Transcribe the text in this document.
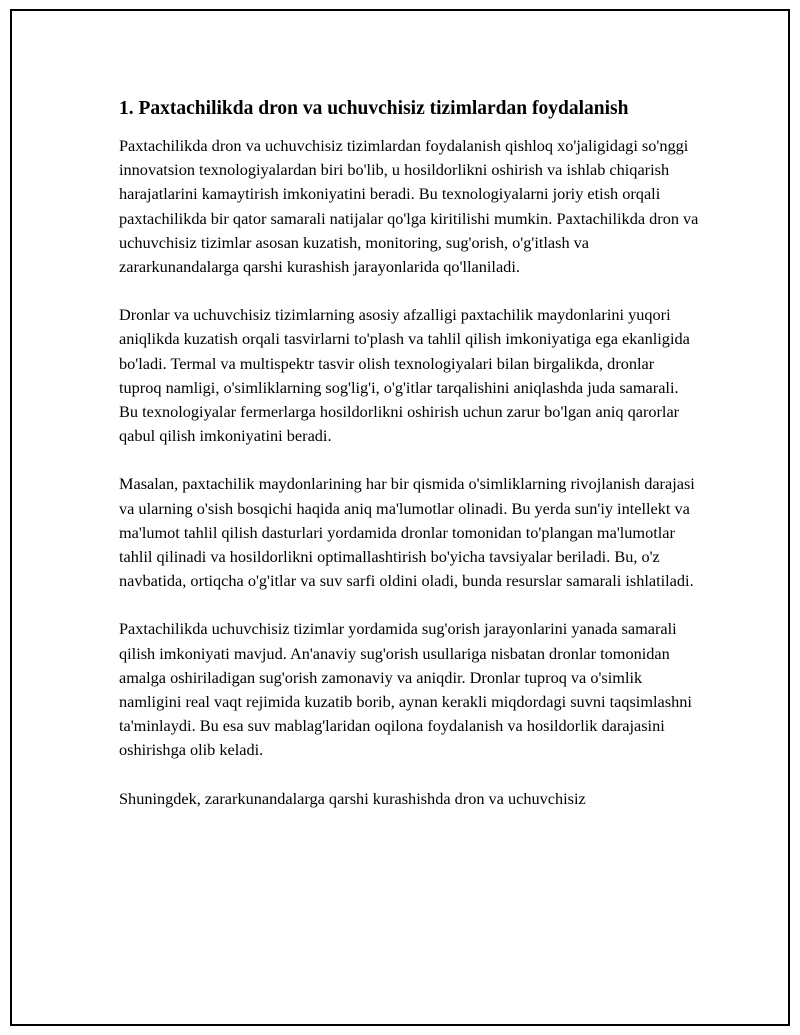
1. Paxtachilikda dron va uchuvchisiz tizimlardan foydalanish

Paxtachilikda dron va uchuvchisiz tizimlardan foydalanish qishloq xo'jaligidagi so'nggi innovatsion texnologiyalardan biri bo'lib, u hosildorlikni oshirish va ishlab chiqarish harajatlarini kamaytirish imkoniyatini beradi. Bu texnologiyalarni joriy etish orqali paxtachilikda bir qator samarali natijalar qo'lga kiritilishi mumkin. Paxtachilikda dron va uchuvchisiz tizimlar asosan kuzatish, monitoring, sug'orish, o'g'itlash va zararkunandalarga qarshi kurashish jarayonlarida qo'llaniladi.

Dronlar va uchuvchisiz tizimlarning asosiy afzalligi paxtachilik maydonlarini yuqori aniqlikda kuzatish orqali tasvirlarni to'plash va tahlil qilish imkoniyatiga ega ekanligida bo'ladi. Termal va multispektr tasvir olish texnologiyalari bilan birgalikda, dronlar tuproq namligi, o'simliklarning sog'lig'i, o'g'itlar tarqalishini aniqlashda juda samarali. Bu texnologiyalar fermerlarga hosildorlikni oshirish uchun zarur bo'lgan aniq qarorlar qabul qilish imkoniyatini beradi.

Masalan, paxtachilik maydonlarining har bir qismida o'simliklarning rivojlanish darajasi va ularning o'sish bosqichi haqida aniq ma'lumotlar olinadi. Bu yerda sun'iy intellekt va ma'lumot tahlil qilish dasturlari yordamida dronlar tomonidan to'plangan ma'lumotlar tahlil qilinadi va hosildorlikni optimallashtirish bo'yicha tavsiyalar beriladi. Bu, o'z navbatida, ortiqcha o'g'itlar va suv sarfi oldini oladi, bunda resurslar samarali ishlatiladi.

Paxtachilikda uchuvchisiz tizimlar yordamida sug'orish jarayonlarini yanada samarali qilish imkoniyati mavjud. An'anaviy sug'orish usullariga nisbatan dronlar tomonidan amalga oshiriladigan sug'orish zamonaviy va aniqdir. Dronlar tuproq va o'simlik namligini real vaqt rejimida kuzatib borib, aynan kerakli miqdordagi suvni taqsimlashni ta'minlaydi. Bu esa suv mablag'laridan oqilona foydalanish va hosildorlik darajasini oshirishga olib keladi.

Shuningdek, zararkunandalarga qarshi kurashishda dron va uchuvchisiz
